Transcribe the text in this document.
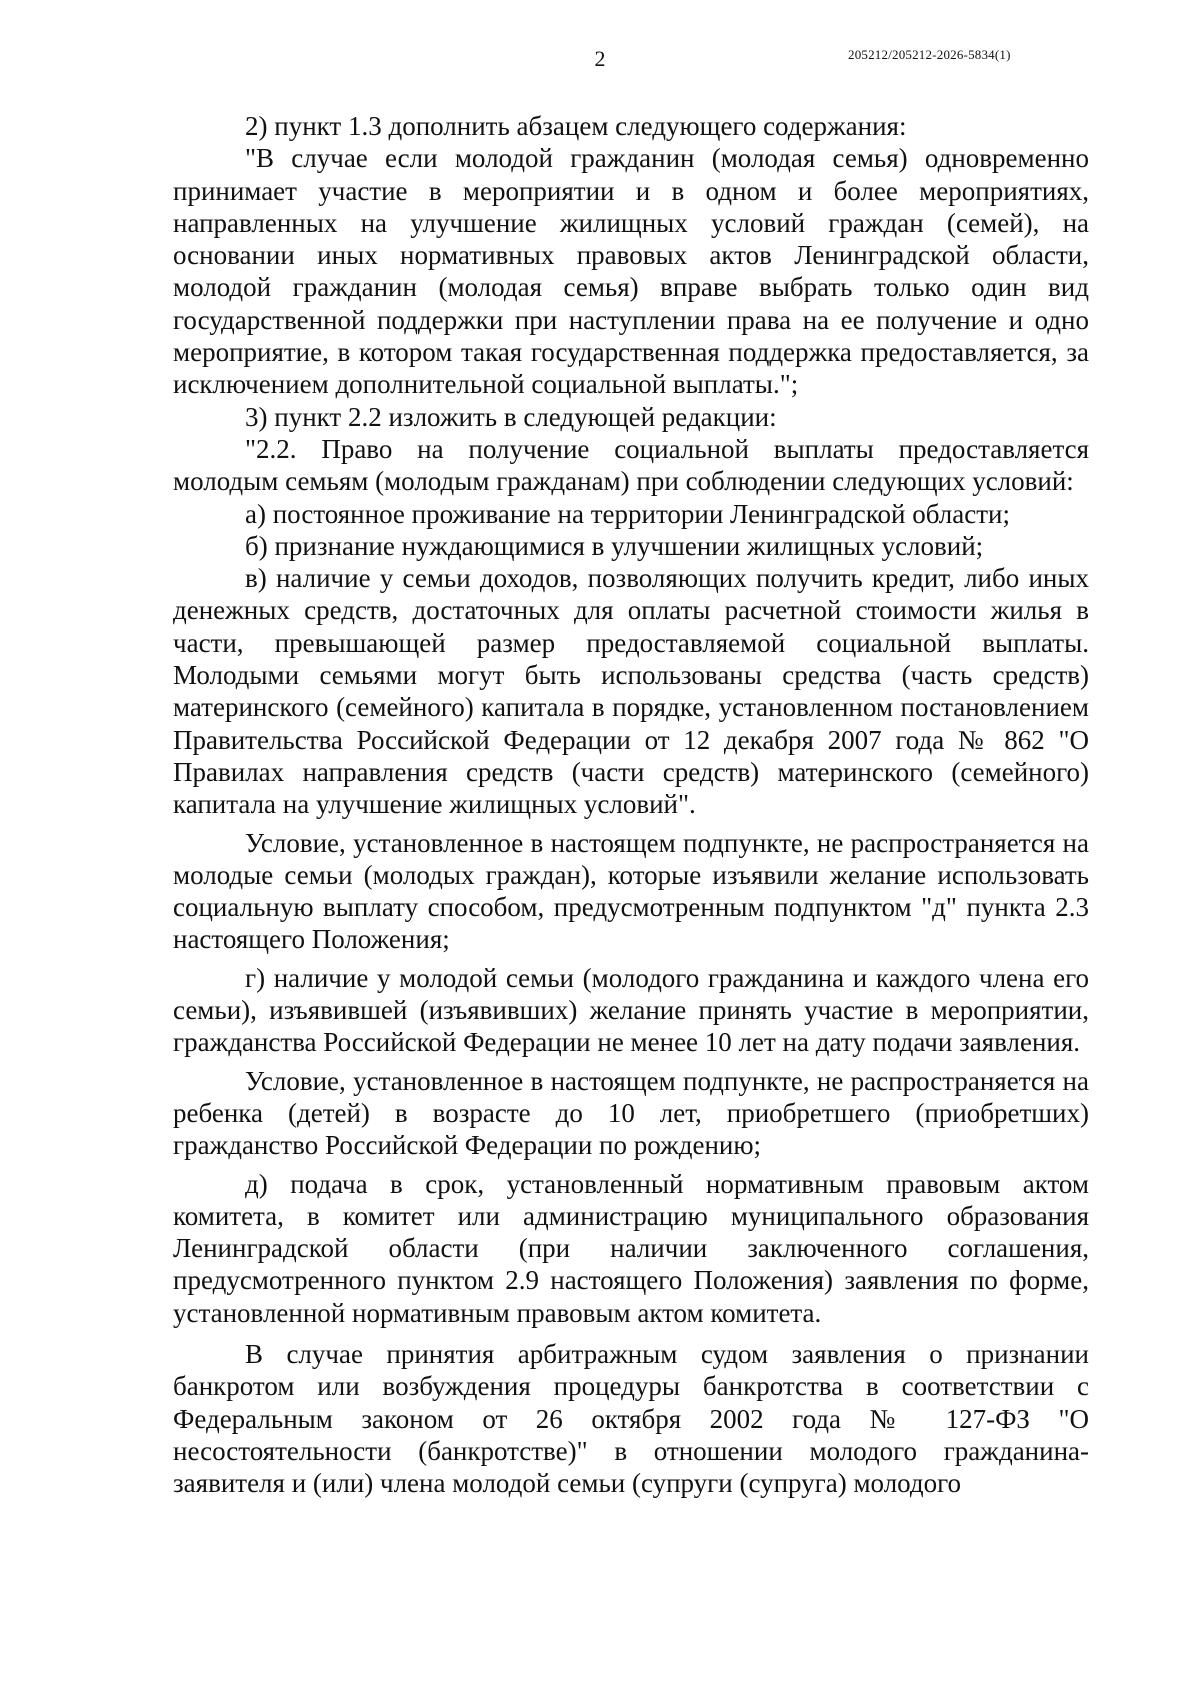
2	205212/205212-2026-5834(1)

2) пункт 1.3 дополнить абзацем следующего содержания:

"В случае если молодой гражданин (молодая семья) одновременно принимает участие в мероприятии и в одном и более мероприятиях, направленных на улучшение жилищных условий граждан (семей), на основании иных нормативных правовых актов Ленинградской области, молодой гражданин (молодая семья) вправе выбрать только один вид государственной поддержки при наступлении права на ее получение и одно мероприятие, в котором такая государственная поддержка предоставляется, за исключением дополнительной социальной выплаты.";

3) пункт 2.2 изложить в следующей редакции:

"2.2. Право на получение социальной выплаты предоставляется молодым семьям (молодым гражданам) при соблюдении следующих условий:

а) постоянное проживание на территории Ленинградской области;

б) признание нуждающимися в улучшении жилищных условий;

в) наличие у семьи доходов, позволяющих получить кредит, либо иных денежных средств, достаточных для оплаты расчетной стоимости жилья в части, превышающей размер предоставляемой социальной выплаты. Молодыми семьями могут быть использованы средства (часть средств) материнского (семейного) капитала в порядке, установленном постановлением Правительства Российской Федерации от 12 декабря 2007 года № 862 "О Правилах направления средств (части средств) материнского (семейного) капитала на улучшение жилищных условий".

Условие, установленное в настоящем подпункте, не распространяется на молодые семьи (молодых граждан), которые изъявили желание использовать социальную выплату способом, предусмотренным подпунктом "д" пункта 2.3 настоящего Положения;

г) наличие у молодой семьи (молодого гражданина и каждого члена его семьи), изъявившей (изъявивших) желание принять участие в мероприятии, гражданства Российской Федерации не менее 10 лет на дату подачи заявления.

Условие, установленное в настоящем подпункте, не распространяется на ребенка (детей) в возрасте до 10 лет, приобретшего (приобретших) гражданство Российской Федерации по рождению;

д) подача в срок, установленный нормативным правовым актом комитета, в комитет или администрацию муниципального образования Ленинградской области (при наличии заключенного соглашения, предусмотренного пунктом 2.9 настоящего Положения) заявления по форме, установленной нормативным правовым актом комитета.

В случае принятия арбитражным судом заявления о признании банкротом или возбуждения процедуры банкротства в соответствии с Федеральным законом от 26 октября 2002 года № 127-ФЗ "О несостоятельности (банкротстве)" в отношении молодого гражданина-заявителя и (или) члена молодой семьи (супруги (супруга) молодого
